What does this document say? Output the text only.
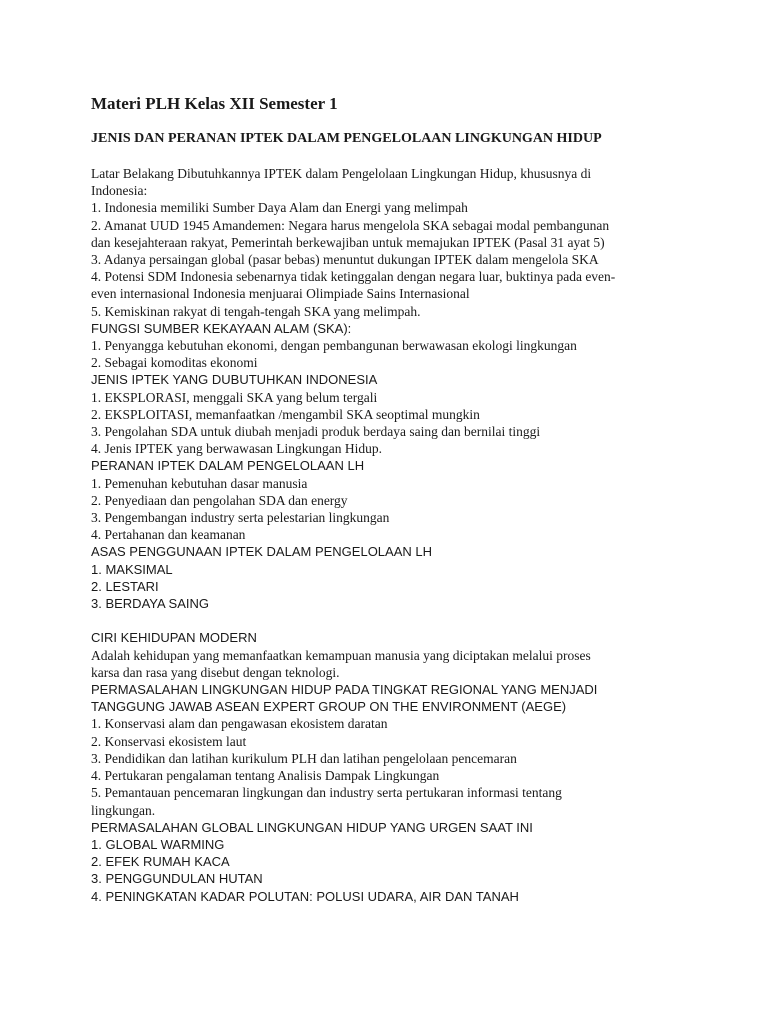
Materi PLH Kelas XII Semester 1
JENIS DAN PERANAN IPTEK DALAM PENGELOLAAN LINGKUNGAN HIDUP
Latar Belakang Dibutuhkannya IPTEK dalam Pengelolaan Lingkungan Hidup, khususnya di
Indonesia:
1. Indonesia memiliki Sumber Daya Alam dan Energi yang melimpah
2. Amanat UUD 1945 Amandemen: Negara harus mengelola SKA sebagai modal pembangunan
dan kesejahteraan rakyat, Pemerintah berkewajiban untuk memajukan IPTEK (Pasal 31 ayat 5)
3. Adanya persaingan global (pasar bebas) menuntut dukungan IPTEK dalam mengelola SKA
4. Potensi SDM Indonesia sebenarnya tidak ketinggalan dengan negara luar, buktinya pada even-
even internasional Indonesia menjuarai Olimpiade Sains Internasional
5. Kemiskinan rakyat di tengah-tengah SKA yang melimpah.
FUNGSI SUMBER KEKAYAAN ALAM (SKA):
1. Penyangga kebutuhan ekonomi, dengan pembangunan berwawasan ekologi lingkungan
2. Sebagai komoditas ekonomi
JENIS IPTEK YANG DUBUTUHKAN INDONESIA
1. EKSPLORASI, menggali SKA yang belum tergali
2. EKSPLOITASI, memanfaatkan /mengambil SKA seoptimal mungkin
3. Pengolahan SDA untuk diubah menjadi produk berdaya saing dan bernilai tinggi
4. Jenis IPTEK yang berwawasan Lingkungan Hidup.
PERANAN IPTEK DALAM PENGELOLAAN LH
1. Pemenuhan kebutuhan dasar manusia
2. Penyediaan dan pengolahan SDA dan energy
3. Pengembangan industry serta pelestarian lingkungan
4. Pertahanan dan keamanan
ASAS PENGGUNAAN IPTEK DALAM PENGELOLAAN LH
1. MAKSIMAL
2. LESTARI
3. BERDAYA SAING
CIRI KEHIDUPAN MODERN
Adalah kehidupan yang memanfaatkan kemampuan manusia yang diciptakan melalui proses
karsa dan rasa yang disebut dengan teknologi.
PERMASALAHAN LINGKUNGAN HIDUP PADA TINGKAT REGIONAL YANG MENJADI
TANGGUNG JAWAB ASEAN EXPERT GROUP ON THE ENVIRONMENT (AEGE)
1. Konservasi alam dan pengawasan ekosistem daratan
2. Konservasi ekosistem laut
3. Pendidikan dan latihan kurikulum PLH dan latihan pengelolaan pencemaran
4. Pertukaran pengalaman tentang Analisis Dampak Lingkungan
5. Pemantauan pencemaran lingkungan dan industry serta pertukaran informasi tentang
lingkungan.
PERMASALAHAN GLOBAL LINGKUNGAN HIDUP YANG URGEN SAAT INI
1. GLOBAL WARMING
2. EFEK RUMAH KACA
3. PENGGUNDULAN HUTAN
4. PENINGKATAN KADAR POLUTAN: POLUSI UDARA, AIR DAN TANAH
